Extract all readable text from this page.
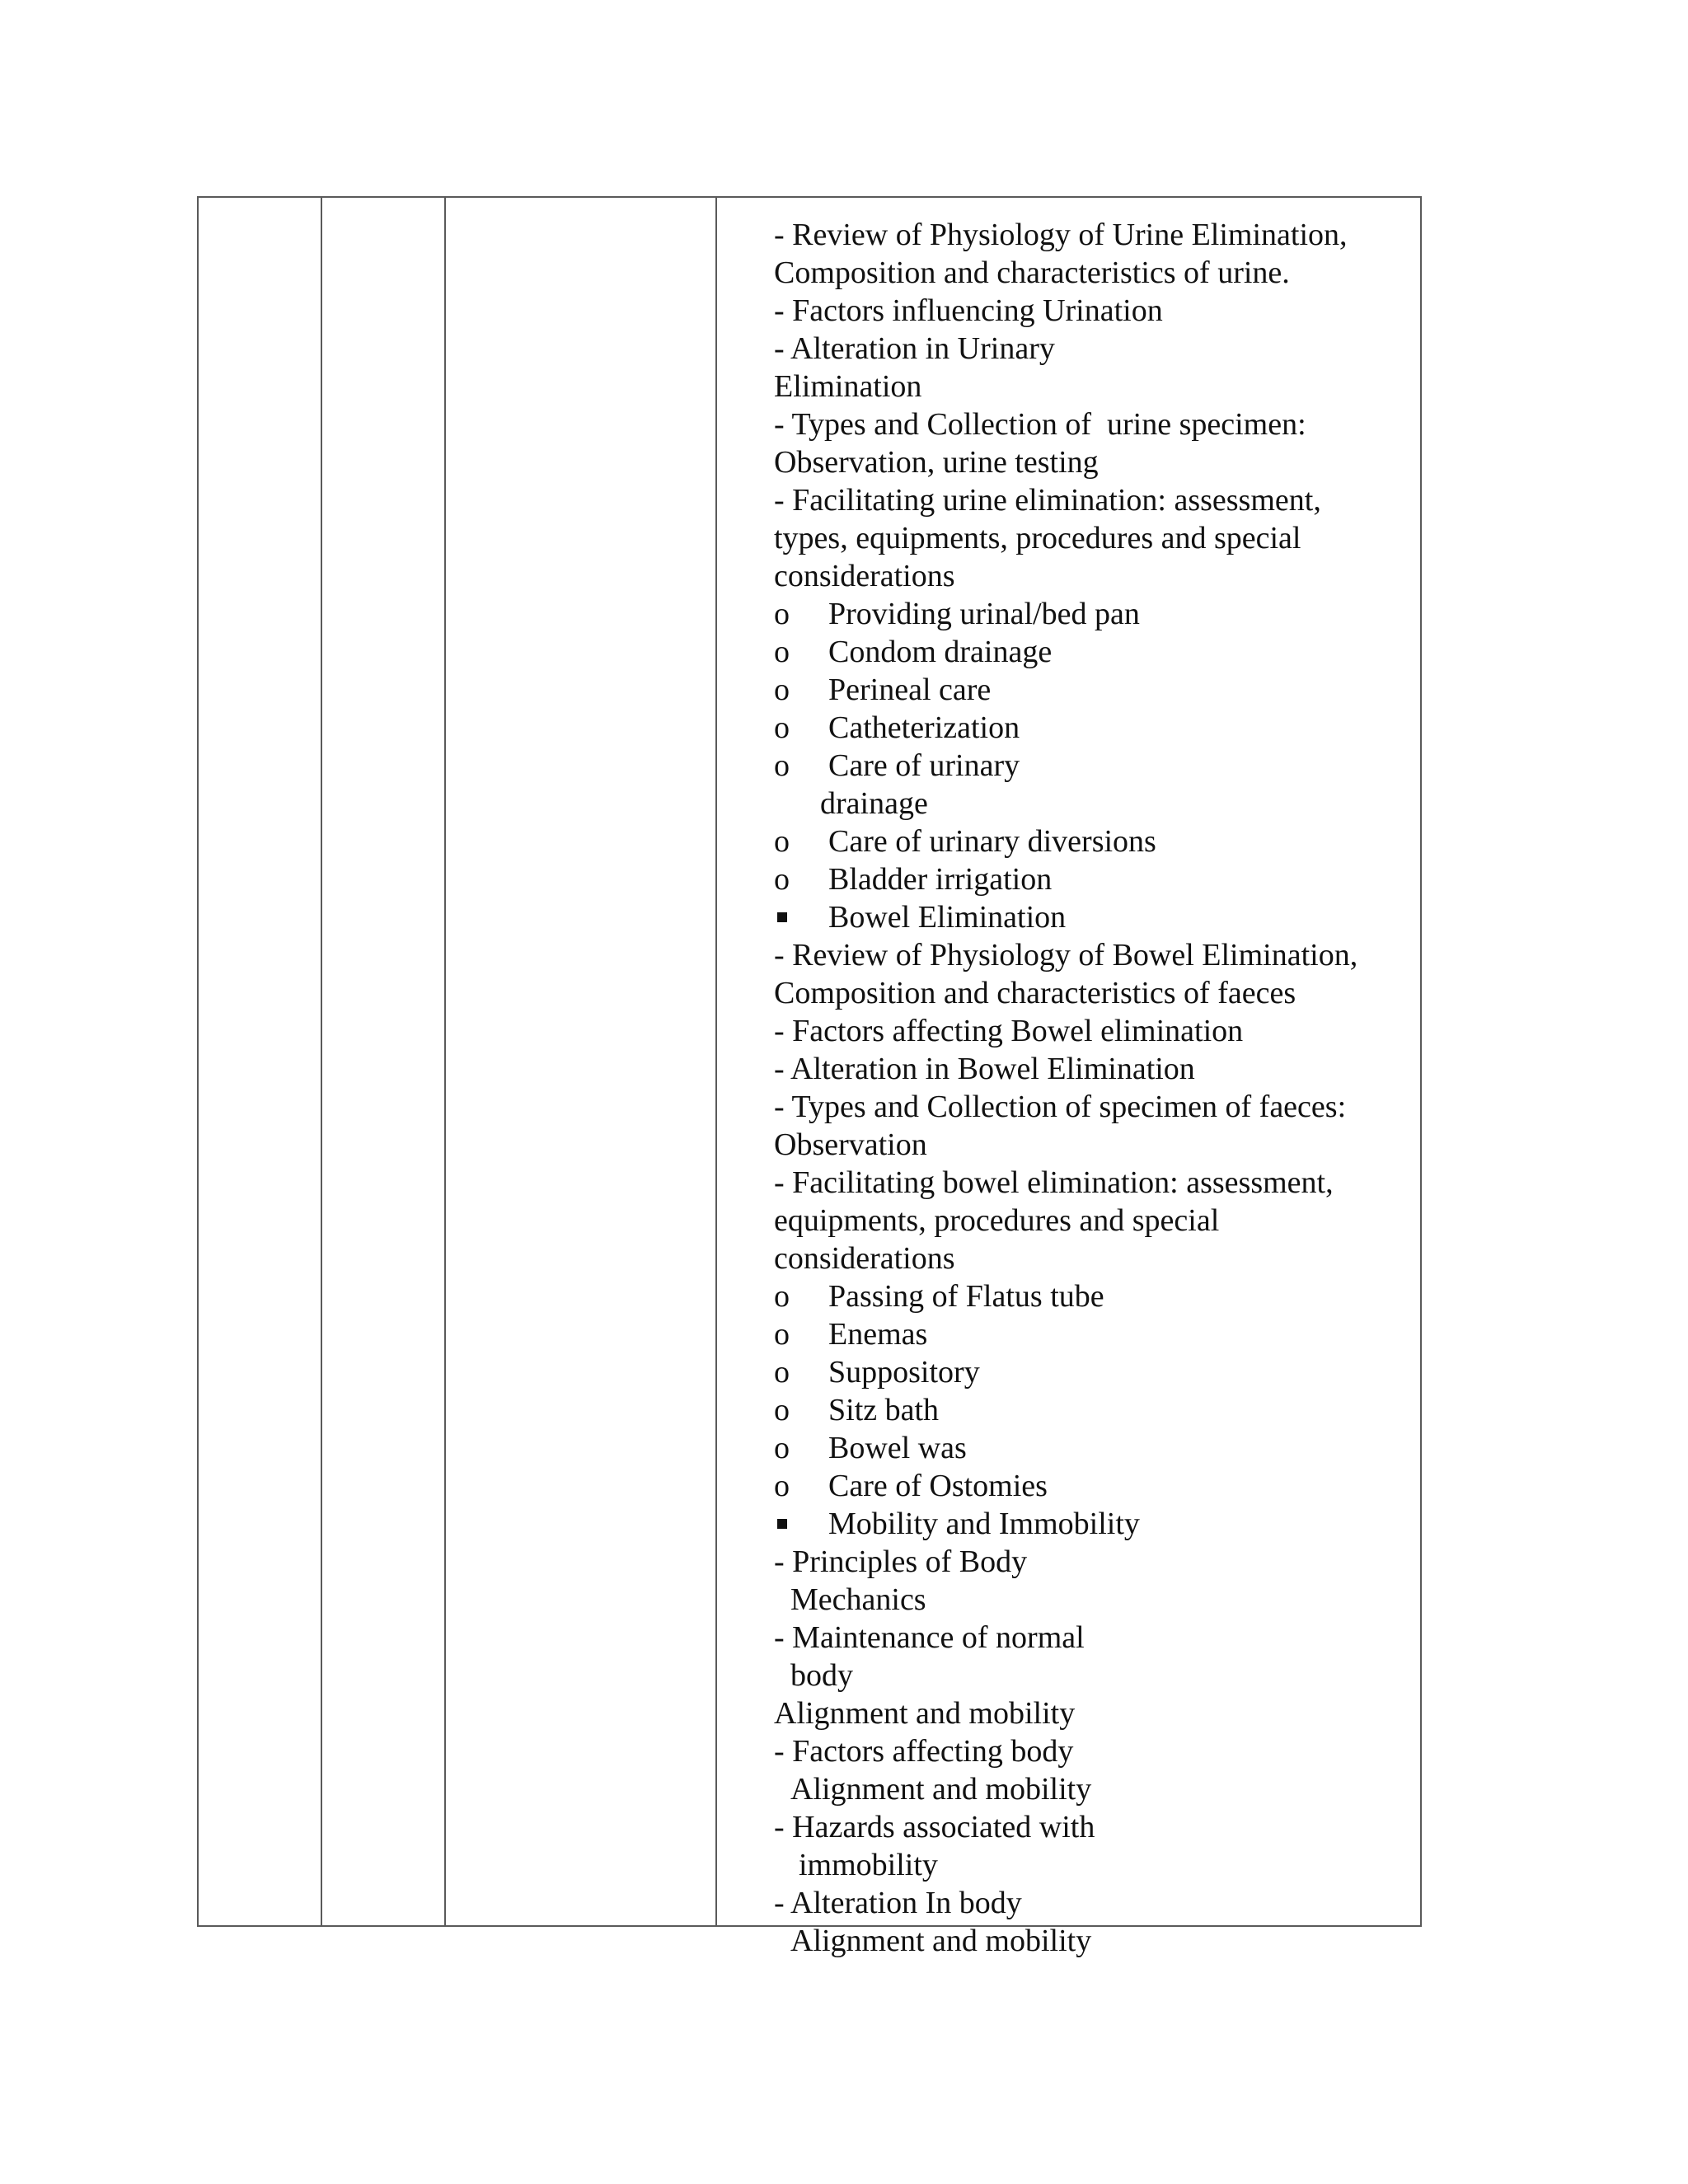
- Review of Physiology of Urine Elimination,
Composition and characteristics of urine.
- Factors influencing Urination
- Alteration in Urinary
Elimination
- Types and Collection of  urine specimen:
Observation, urine testing
- Facilitating urine elimination: assessment,
types, equipments, procedures and special
considerations
o	Providing urinal/bed pan
o	Condom drainage
o	Perineal care
o	Catheterization
o	Care of urinary
drainage
o	Care of urinary diversions
o	Bladder irrigation
Bowel Elimination
- Review of Physiology of Bowel Elimination,
Composition and characteristics of faeces
- Factors affecting Bowel elimination
- Alteration in Bowel Elimination
- Types and Collection of specimen of faeces:
Observation
- Facilitating bowel elimination: assessment,
equipments, procedures and special
considerations
o	Passing of Flatus tube
o	Enemas
o	Suppository
o	Sitz bath
o	Bowel was
o	Care of Ostomies
Mobility and Immobility
- Principles of Body
Mechanics
- Maintenance of normal
body
Alignment and mobility
- Factors affecting body
Alignment and mobility
- Hazards associated with
immobility
- Alteration In body
Alignment and mobility
